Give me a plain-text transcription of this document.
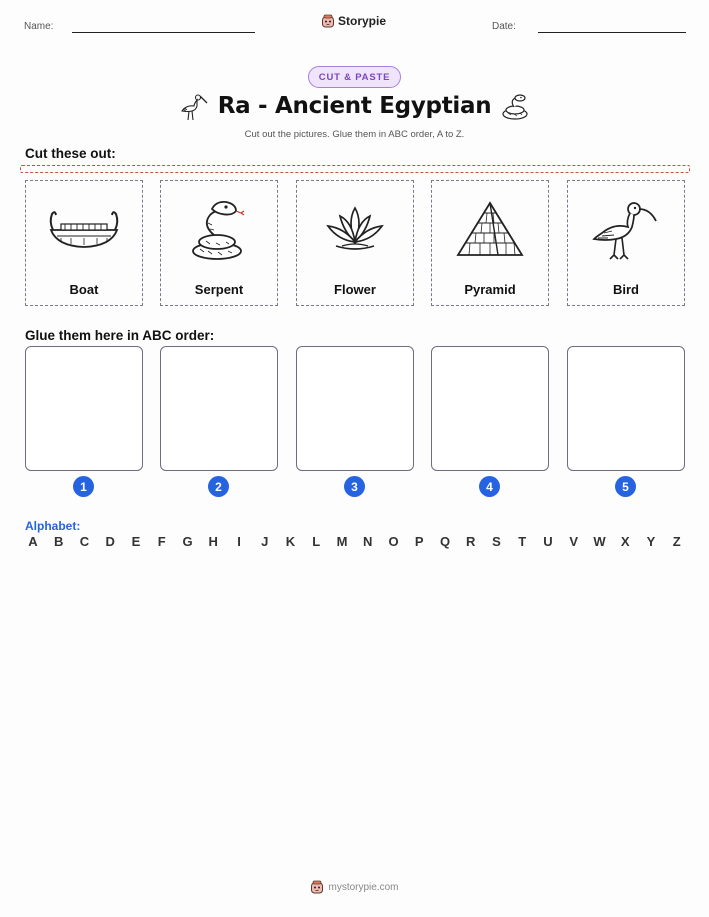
Name:	Storypie	Date:
CUT & PASTE
Ra - Ancient Egyptian
Cut out the pictures. Glue them in ABC order, A to Z.
Cut these out:
Boat	Serpent	Flower	Pyramid	Bird
Glue them here in ABC order:
1	2	3	4	5
Alphabet:
A B C D E	F	G H	I	J	K	L	M N O P Q R S	T	U V W X Y	Z
mystorypie.com
